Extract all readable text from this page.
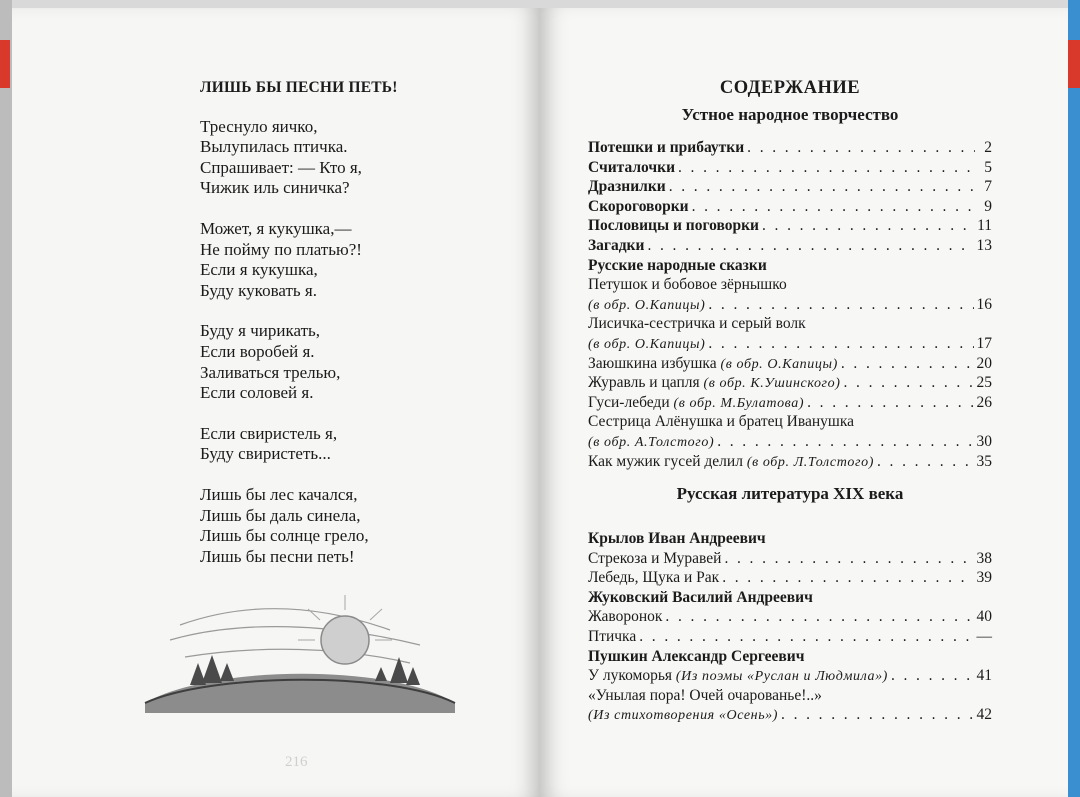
ЛИШЬ БЫ ПЕСНИ ПЕТЬ!
Треснуло яичко,
Вылупилась птичка.
Спрашивает: — Кто я,
Чижик иль синичка?
Может, я кукушка,—
Не пойму по платью?!
Если я кукушка,
Буду куковать я.
Буду я чирикать,
Если воробей я.
Заливаться трелью,
Если соловей я.
Если свиристель я,
Буду свиристеть...
Лишь бы лес качался,
Лишь бы даль синела,
Лишь бы солнце грело,
Лишь бы песни петь!
216
СОДЕРЖАНИЕ
Устное народное творчество
Потешки и прибаутки . . .	2
Считалочки . . .	5
Дразнилки . . .	7
Скороговорки . . .	9
Пословицы и поговорки . . .	11
Загадки . . .	13
Русские народные сказки
Петушок и бобовое зёрнышко
(в обр. О.Капицы) . . .	16
Лисичка-сестричка и серый волк
(в обр. О.Капицы) . . .	17
Заюшкина избушка
(в обр. О.Капицы) . . .	20
Журавль и цапля
(в обр. К.Ушинского) . . .	25
Гуси-лебеди
(в обр. М.Булатова) . . .	26
Сестрица Алёнушка и братец Иванушка
(в обр. А.Толстого) . . .	30
Как мужик гусей делил
(в обр. Л.Толстого) . . .	35
Русская литература XIX века
Крылов Иван Андреевич
Стрекоза и Муравей . . .	38
Лебедь, Щука и Рак . . .	39
Жуковский Василий Андреевич
Жаворонок . . .	40
Птичка . . .	—
Пушкин Александр Сергеевич
У лукоморья
(Из поэмы «Руслан и Людмила») . . .	41
«Унылая пора! Очей очарованье!..»
(Из стихотворения «Осень») . . .	42
